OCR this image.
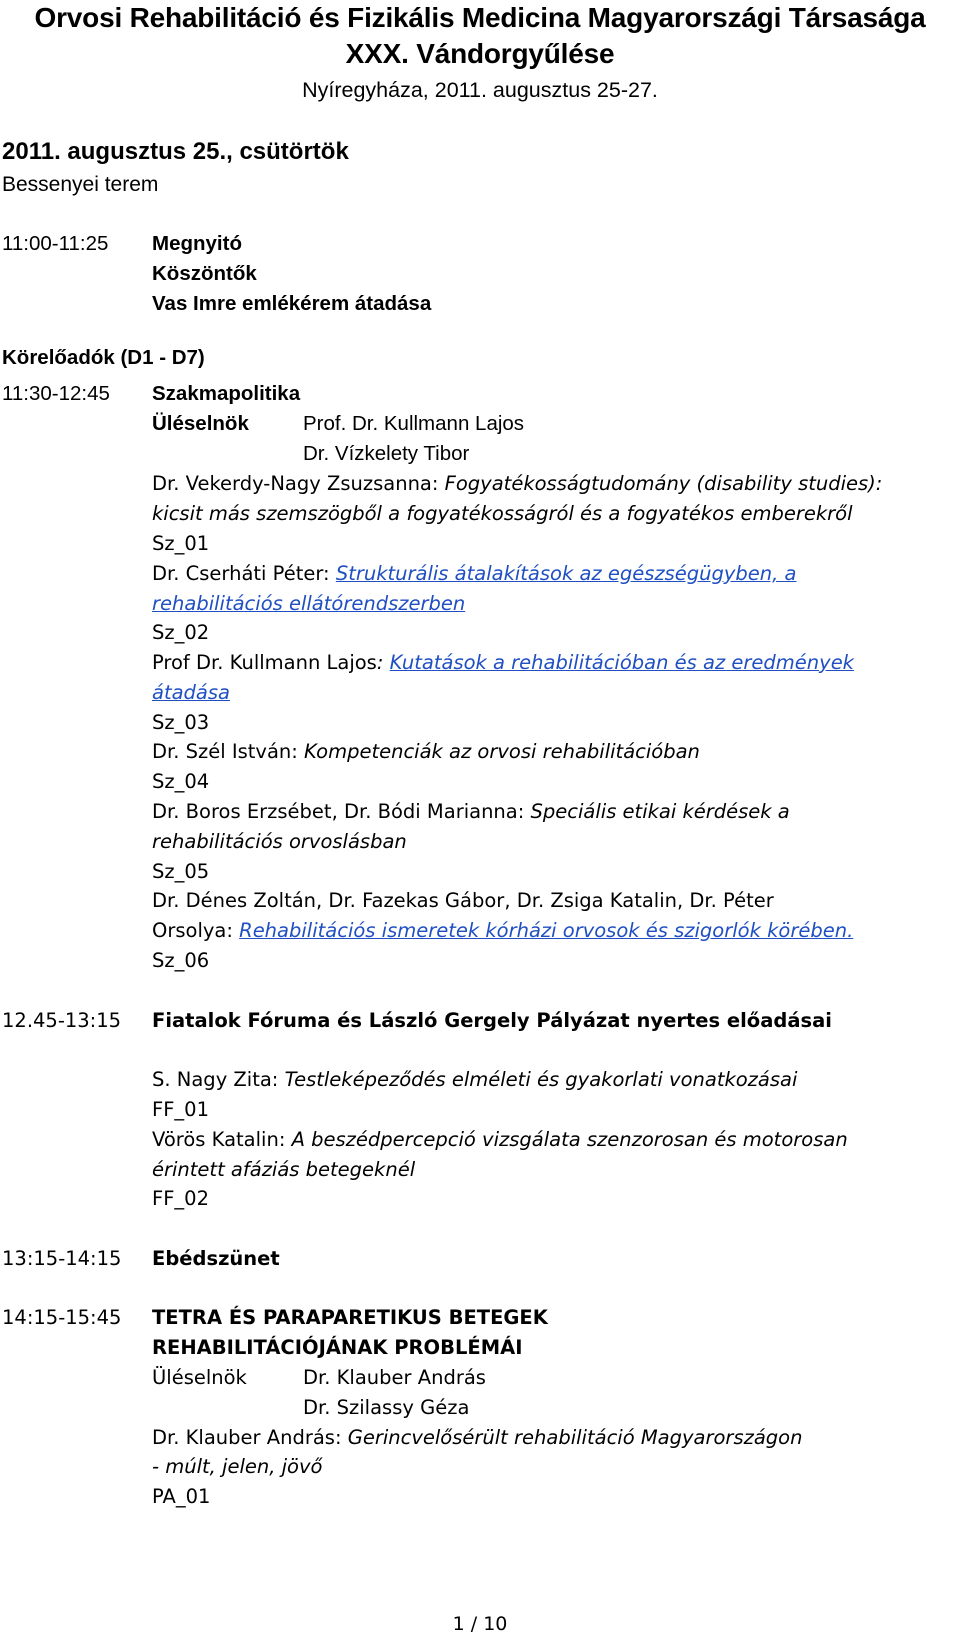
Orvosi Rehabilitáció és Fizikális Medicina Magyarországi Társasága
XXX. Vándorgyűlése
Nyíregyháza, 2011. augusztus 25-27.
2011. augusztus 25., csütörtök
Bessenyei terem
11:00-11:25 Megnyitó
Köszöntők
Vas Imre emlékérem átadása
Körelőadók (D1 - D7)
11:30-12:45 Szakmapolitika
Üléselnök	Prof. Dr. Kullmann Lajos
Dr. Vízkelety Tibor
Dr. Vekerdy-Nagy Zsuzsanna: Fogyatékosságtudomány (disability studies):
kicsit más szemszögből a fogyatékosságról és a fogyatékos emberekről
Sz_01
Dr. Cserháti Péter: Strukturális átalakítások az egészségügyben, a
rehabilitációs ellátórendszerben
Sz_02
Prof Dr. Kullmann Lajos: Kutatások a rehabilitációban és az eredmények
átadása
Sz_03
Dr. Szél István: Kompetenciák az orvosi rehabilitációban
Sz_04
Dr. Boros Erzsébet, Dr. Bódi Marianna: Speciális etikai kérdések a
rehabilitációs orvoslásban
Sz_05
Dr. Dénes Zoltán, Dr. Fazekas Gábor, Dr. Zsiga Katalin, Dr. Péter
Orsolya: Rehabilitációs ismeretek kórházi orvosok és szigorlók körében.
Sz_06
12.45-13:15 Fiatalok Fóruma és László Gergely Pályázat nyertes előadásai
S. Nagy Zita: Testleképeződés elméleti és gyakorlati vonatkozásai
FF_01
Vörös Katalin: A beszédpercepció vizsgálata szenzorosan és motorosan
érintett afáziás betegeknél
FF_02
13:15-14:15 Ebédszünet
14:15-15:45 TETRA ÉS PARAPARETIKUS BETEGEK
REHABILITÁCIÓJÁNAK PROBLÉMÁI
Üléselnök	Dr. Klauber András
Dr. Szilassy Géza
Dr. Klauber András: Gerincvelősérült rehabilitáció Magyarországon
- múlt, jelen, jövő
PA_01
1 / 10
